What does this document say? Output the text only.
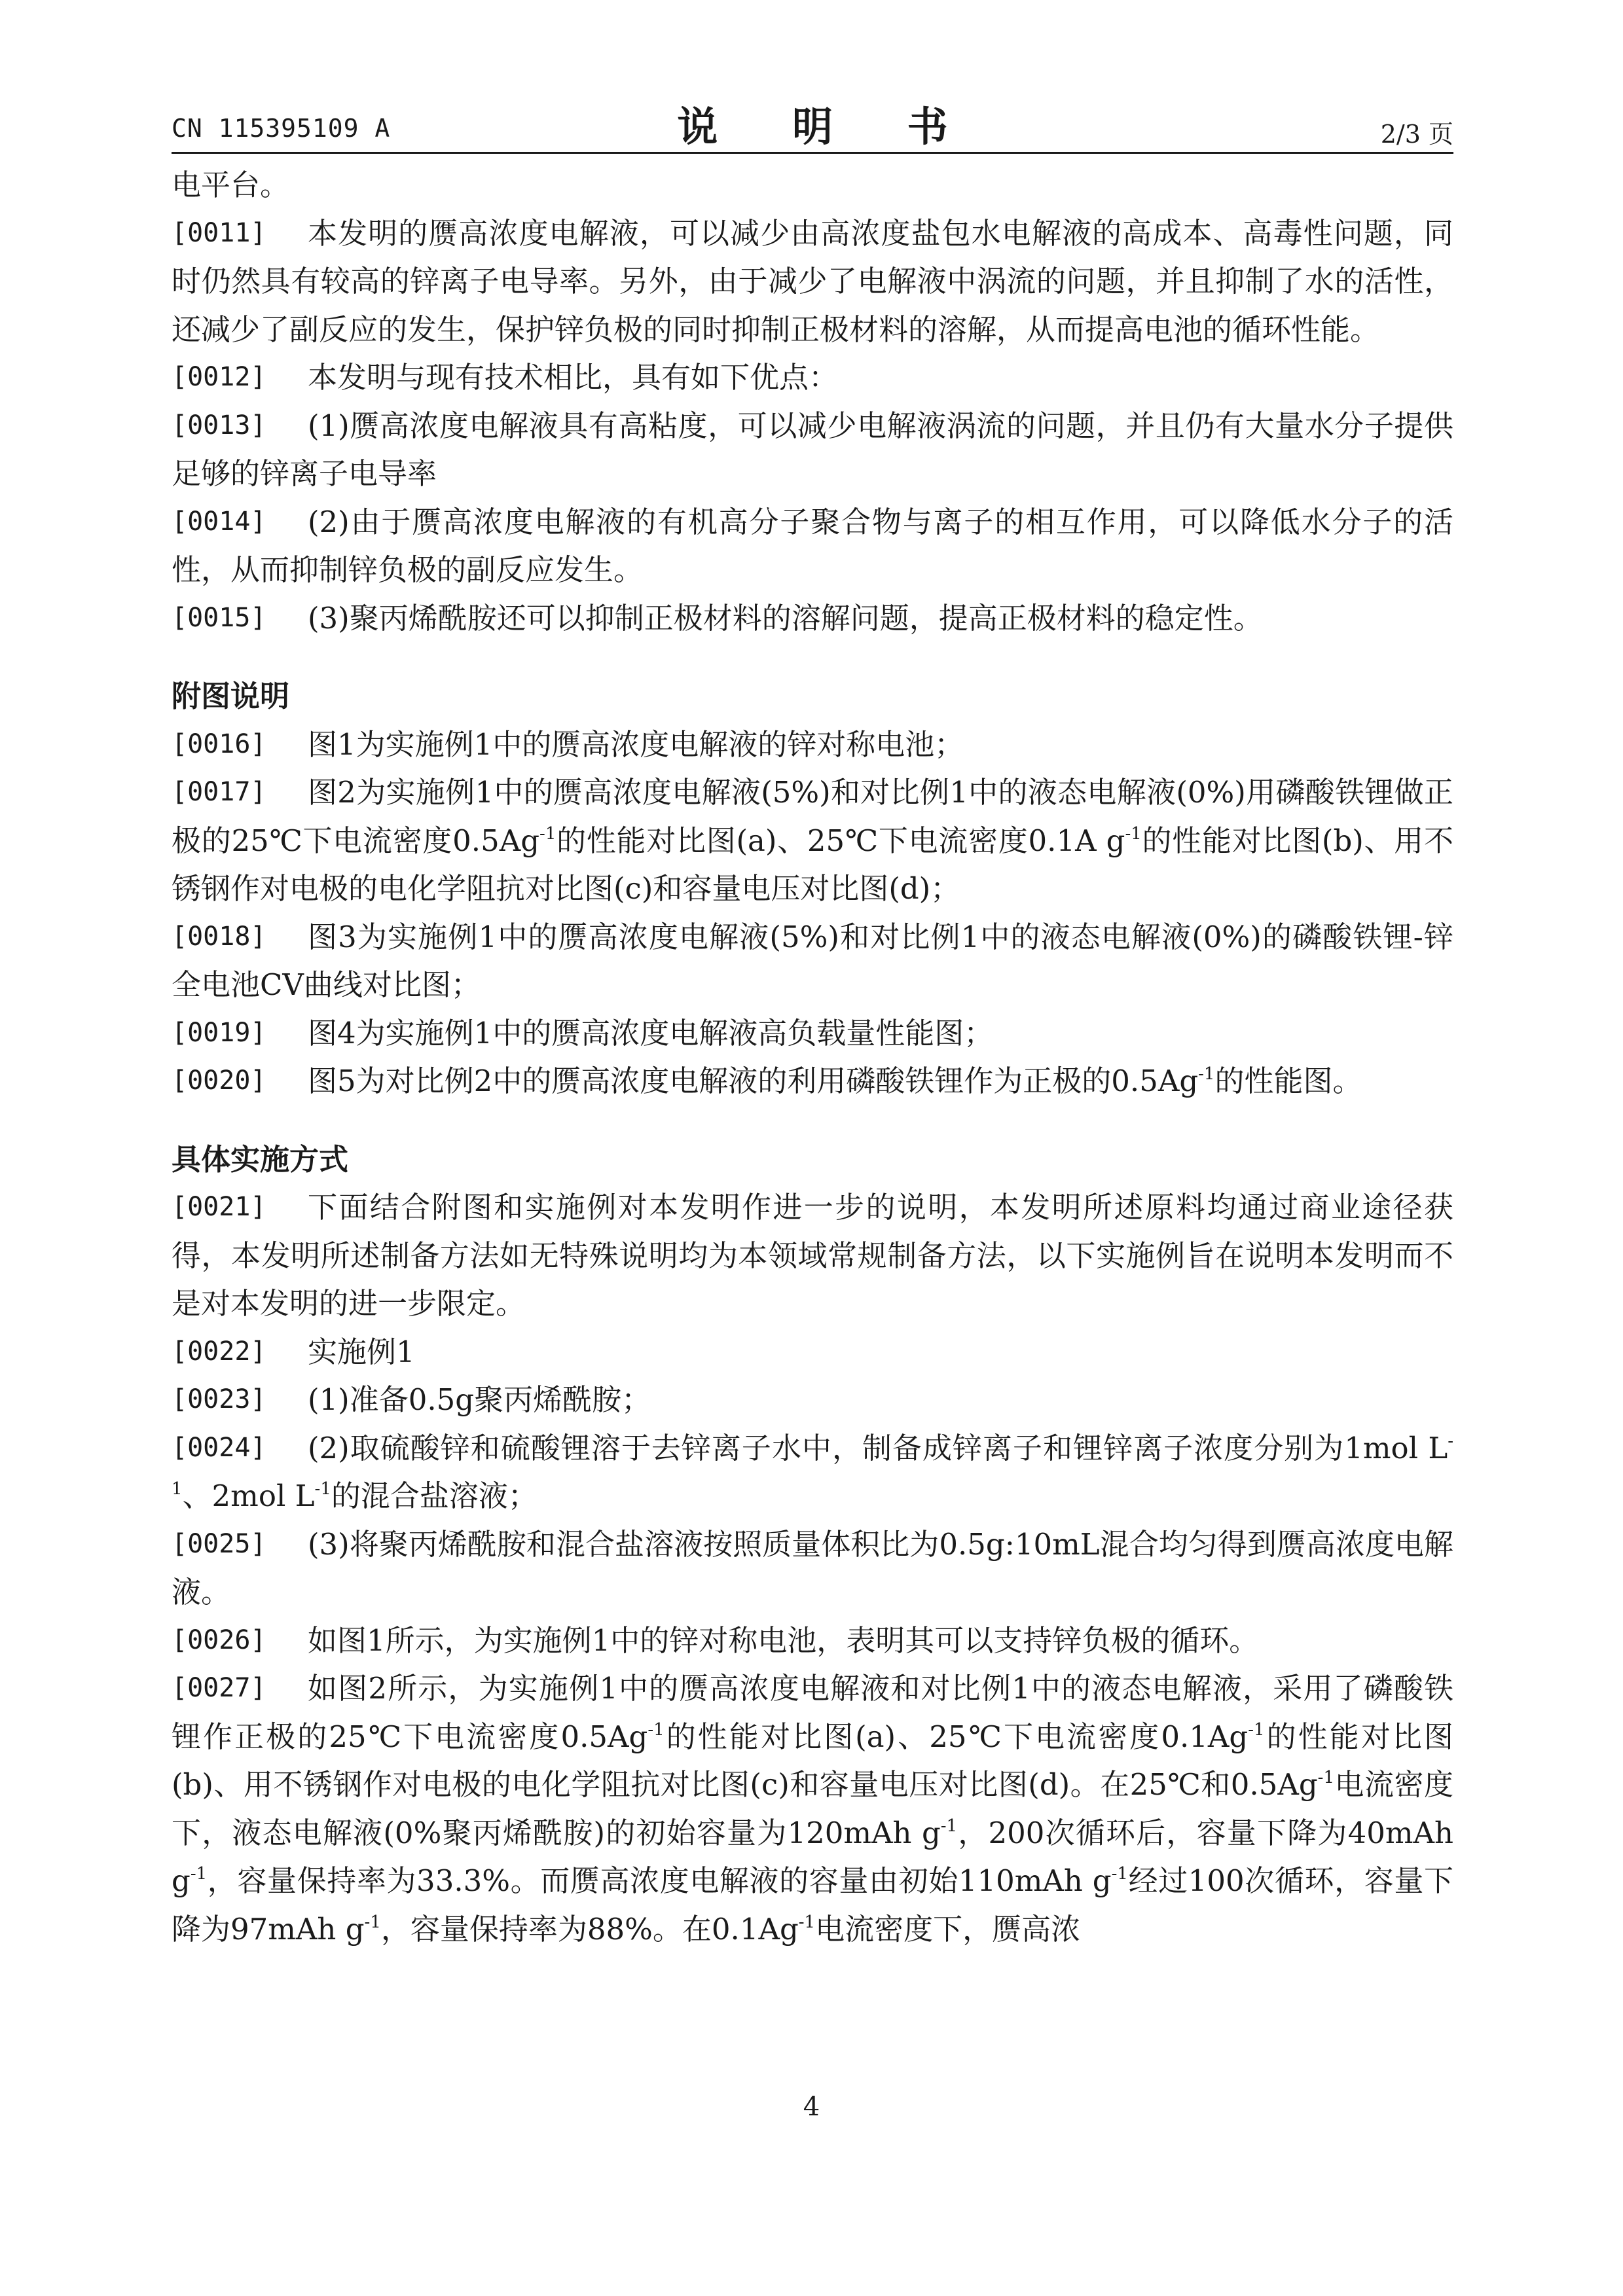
CN 115395109 A	说 明 书	2/3 页
电平台。
[0011]	本发明的赝高浓度电解液，可以减少由高浓度盐包水电解液的高成本、高毒性问题，同时仍然具有较高的锌离子电导率。另外，由于减少了电解液中涡流的问题，并且抑制了水的活性，还减少了副反应的发生，保护锌负极的同时抑制正极材料的溶解，从而提高电池的循环性能。
[0012]	本发明与现有技术相比，具有如下优点：
[0013]	(1)赝高浓度电解液具有高粘度，可以减少电解液涡流的问题，并且仍有大量水分子提供足够的锌离子电导率
[0014]	(2)由于赝高浓度电解液的有机高分子聚合物与离子的相互作用，可以降低水分子的活性，从而抑制锌负极的副反应发生。
[0015]	(3)聚丙烯酰胺还可以抑制正极材料的溶解问题，提高正极材料的稳定性。
附图说明
[0016]	图1为实施例1中的赝高浓度电解液的锌对称电池；
[0017]	图2为实施例1中的赝高浓度电解液(5%)和对比例1中的液态电解液(0%)用磷酸铁锂做正极的25℃下电流密度$0.5Ag^{-1}$的性能对比图(a)、25℃下电流密度0.1A $g^{-1}$的性能对比图(b)、用不锈钢作对电极的电化学阻抗对比图(c)和容量电压对比图(d)；
[0018]	图3为实施例1中的赝高浓度电解液(5%)和对比例1中的液态电解液(0%)的磷酸铁锂-锌全电池CV曲线对比图；
[0019]	图4为实施例1中的赝高浓度电解液高负载量性能图；
[0020]	图5为对比例2中的赝高浓度电解液的利用磷酸铁锂作为正极的$0.5Ag^{-1}$的性能图。
具体实施方式
[0021]	下面结合附图和实施例对本发明作进一步的说明，本发明所述原料均通过商业途径获得，本发明所述制备方法如无特殊说明均为本领域常规制备方法，以下实施例旨在说明本发明而不是对本发明的进一步限定。
[0022]	实施例1
[0023]	(1)准备0.5g聚丙烯酰胺；
[0024]	(2)取硫酸锌和硫酸锂溶于去锌离子水中，制备成锌离子和锂锌离子浓度分别为1mol $L^{-1}$、2mol $L^{-1}$的混合盐溶液；
[0025]	(3)将聚丙烯酰胺和混合盐溶液按照质量体积比为0.5g:10mL混合均匀得到赝高浓度电解液。
[0026]	如图1所示，为实施例1中的锌对称电池，表明其可以支持锌负极的循环。
[0027]	如图2所示，为实施例1中的赝高浓度电解液和对比例1中的液态电解液，采用了磷酸铁锂作正极的25℃下电流密度$0.5Ag^{-1}$的性能对比图(a)、25℃下电流密度$0.1Ag^{-1}$的性能对比图(b)、用不锈钢作对电极的电化学阻抗对比图(c)和容量电压对比图(d)。在25℃和$0.5Ag^{-1}$电流密度下，液态电解液(0%聚丙烯酰胺)的初始容量为120mAh $g^{-1}$，200次循环后，容量下降为40mAh $g^{-1}$，容量保持率为33.3%。而赝高浓度电解液的容量由初始110mAh $g^{-1}$经过100次循环，容量下降为97mAh $g^{-1}$，容量保持率为88%。在$0.1Ag^{-1}$电流密度下，赝高浓
4
